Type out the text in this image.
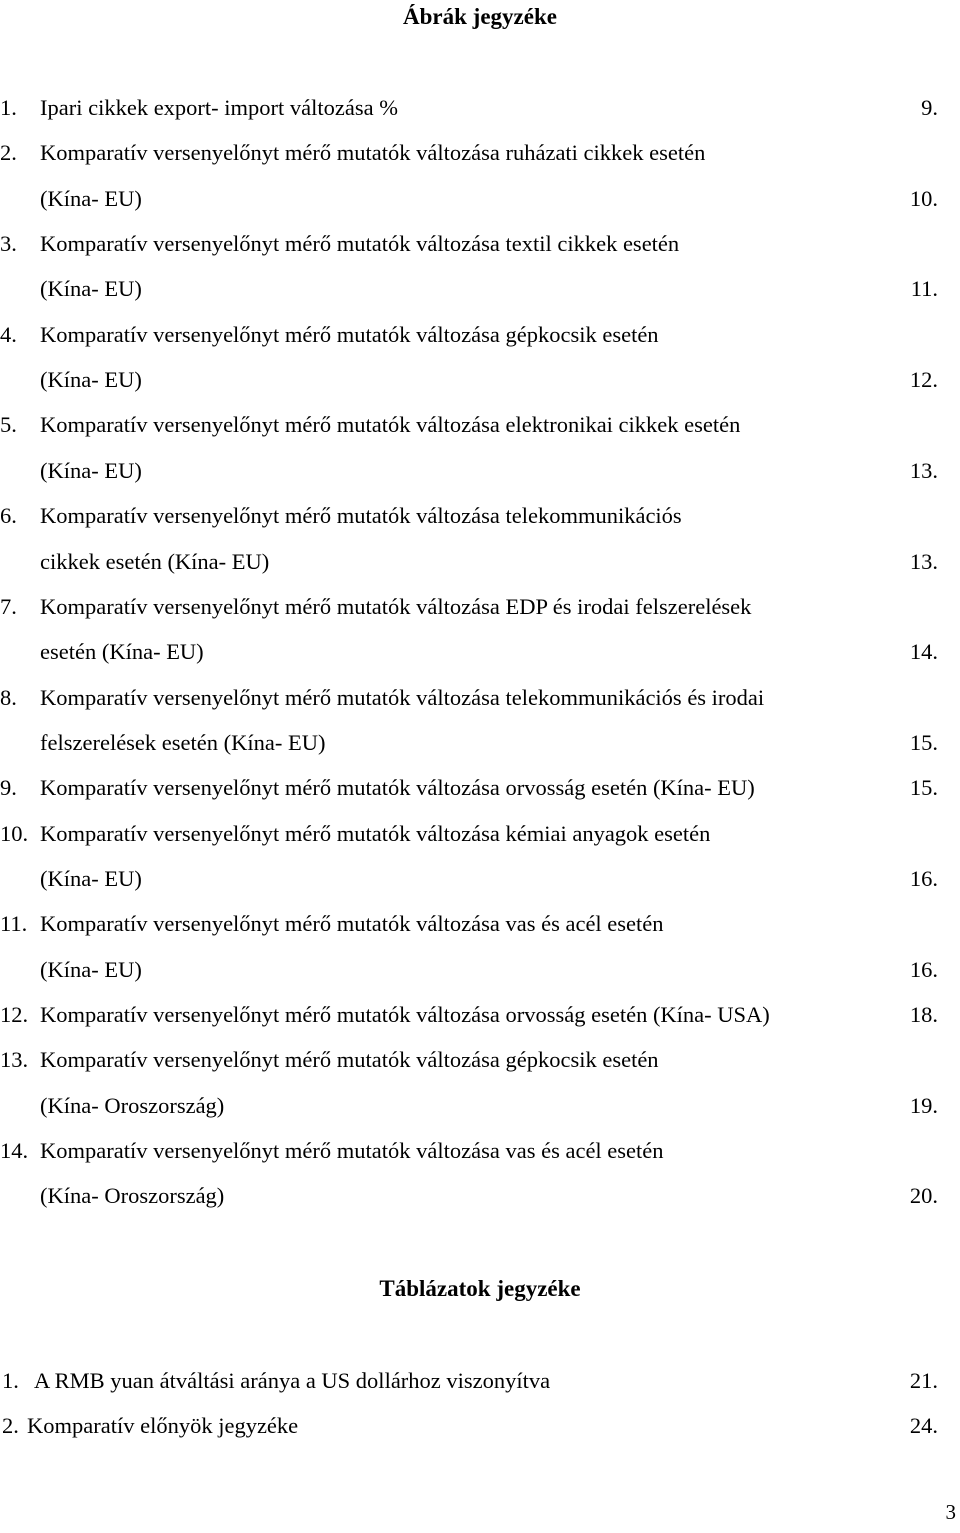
Ábrák jegyzéke
1. Ipari cikkek export- import változása %	9.
2. Komparatív versenyelőnyt mérő mutatók változása ruházati cikkek esetén
(Kína- EU)	10.
3. Komparatív versenyelőnyt mérő mutatók változása textil cikkek esetén
(Kína- EU)	11.
4. Komparatív versenyelőnyt mérő mutatók változása gépkocsik esetén
(Kína- EU)	12.
5. Komparatív versenyelőnyt mérő mutatók változása elektronikai cikkek esetén
(Kína- EU)	13.
6. Komparatív versenyelőnyt mérő mutatók változása telekommunikációs
cikkek esetén (Kína- EU)	13.
7. Komparatív versenyelőnyt mérő mutatók változása EDP és irodai felszerelések
esetén (Kína- EU)	14.
8. Komparatív versenyelőnyt mérő mutatók változása telekommunikációs és irodai
felszerelések esetén (Kína- EU)	15.
9. Komparatív versenyelőnyt mérő mutatók változása orvosság esetén (Kína- EU)	15.
10. Komparatív versenyelőnyt mérő mutatók változása kémiai anyagok esetén
(Kína- EU)	16.
11. Komparatív versenyelőnyt mérő mutatók változása vas és acél esetén
(Kína- EU)	16.
12. Komparatív versenyelőnyt mérő mutatók változása orvosság esetén (Kína- USA)	18.
13. Komparatív versenyelőnyt mérő mutatók változása gépkocsik esetén
(Kína- Oroszország)	19.
14. Komparatív versenyelőnyt mérő mutatók változása vas és acél esetén
(Kína- Oroszország)	20.
Táblázatok jegyzéke
1. A RMB yuan átváltási aránya a US dollárhoz viszonyítva	21.
2. Komparatív előnyök jegyzéke	24.
3
